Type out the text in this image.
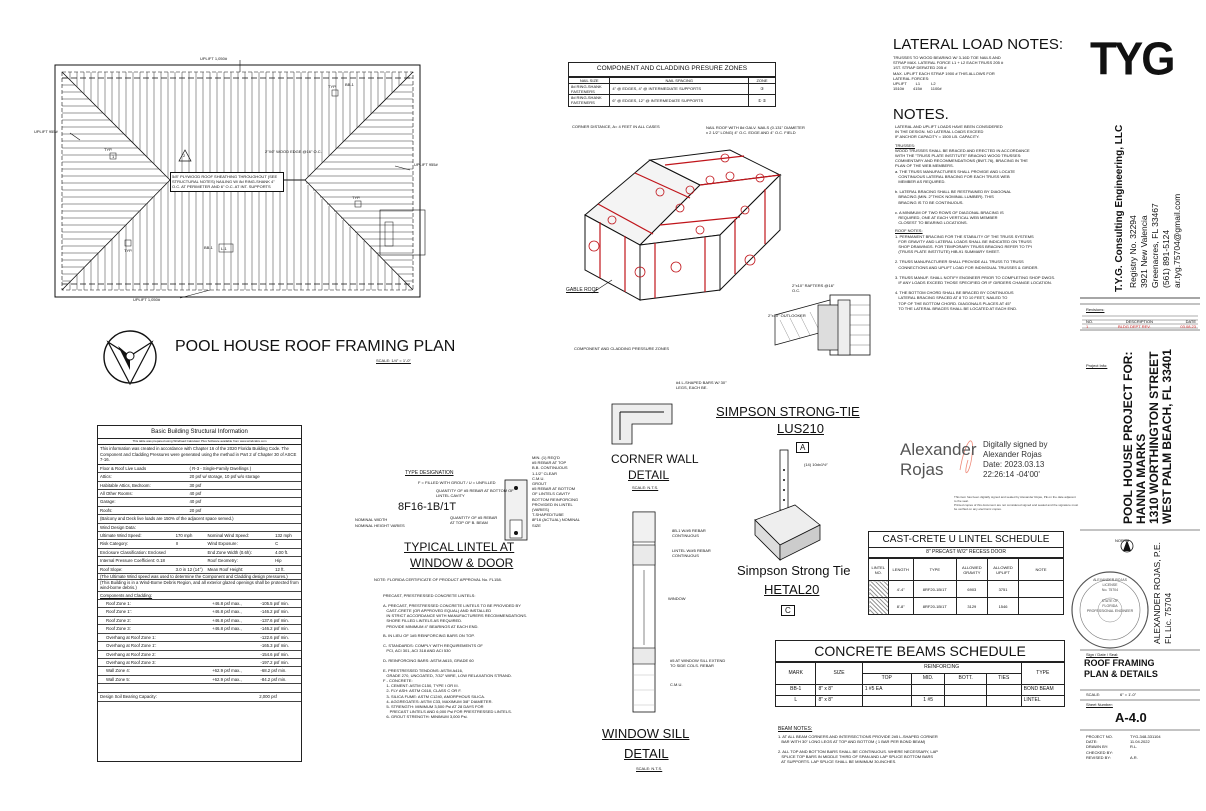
UPLIFT 1,050#
UPLIFT 955#
UPLIFT 955#
UPLIFT 1,050#
BB-1
BB-1 L-1
2"X6" WOOD EDGE @16" O.C.
TYP.
TYP.
TYP.
TYP.
2
1
5/8" PLYWOOD ROOF SHEATHING THROUGHOUT (SEE STRUCTURAL NOTES) NAILING W/ 8d RING-SHANK 4" O.C. AT PERIMETER AND 6" O.C. AT INT. SUPPORTS
POOL HOUSE ROOF FRAMING PLAN
SCALE: 1/4" = 1'-0"
COMPONENT AND CLADDING PRESURE ZONES
NAIL SIZE	NAIL SPACING	ZONE
8d RING-SHANK FASTENERS	4" @ EDGES, 4" @ INTERMEDIATE SUPPORTS	③
8d RING-SHANK FASTENERS	6" @ EDGES, 12" @ INTERMEDIATE SUPPORTS	① ②
CORNER DISTANCE, A= 4 FEET IN ALL CASES	NAIL ROOF WITH 8d GALV. NAILS (0.131" DIAMETER x 2 1/2" LONG) 4" O.C. EDGE AND 4" O.C. FIELD
GABLE ROOF
COMPONENT AND CLADDING PRESSURE ZONES
LATERAL LOAD NOTES:
TRUSSES TO WOOD BEARING W/ 3-16D TOE NAILS AND
STRAP MAX. LATERAL FORCE L1 + L2 EACH TRUSS 205 #
1ST. STRAP DERATED 205 #
MAX. UPLIFT EACH STRAP 1900 # THIS ALLOWS FOR
LATERAL FORCES:
UPLIFT        L1          L2
1510#        415#        1100#
NOTES.
LATERAL AND UPLIFT LOADS HAVE BEEN CONSIDERED
IN THE DESIGN. NO LATERAL LOADS EXCEED
IF ANCHOR CAPACITY = 1500 LB. CAPACITY.
TRUSSES:
WOOD TRUSSES SHALL BE BRACED AND ERECTED IN ACCORDANCE
WITH THE "TRUSS PLATE INSTITUTE" BRACING WOOD TRUSSES:
COMMENTARY AND RECOMMENDATIONS (BWT-76), BRACING IN THE
PLAN OF THE WEB MEMBERS.
a. THE TRUSS MANUFACTURES SHALL PROVIDE AND LOCATE
CONTINUOUS LATERAL BRACING FOR EACH TRUSS WEB
MEMBER AS REQUIRED.
b. LATERAL BRACING SHALL BE RESTRAINED BY DIAGONAL
BRACING (MIN. 2"THICK NOMINAL LUMBER). THIS
BRACING IS TO BE CONTINUOUS.
c. A MINIMUM OF TWO ROWS OF DIAGONAL BRACING IS
REQUIRED, ONE AT EACH VERTICAL WEB MEMBER
CLOSEST TO BEARING LOCATIONS.
ROOF NOTES:
1. PERMANENT BRACING FOR THE STABILITY OF THE TRUSS SYSTEMS
FOR GRAVITY AND LATERAL LOADS SHALL BE INDICATED ON TRUSS
SHOP DRAWINGS. FOR TEMPORARY TRUSS BRACING REFER TO TPI
(TRUSS PLATE INSTITUTE) HIB-91 SUMMARY SHEET.
2. TRUSS MANUFACTURER SHALL PROVIDE ALL TRUSS TO TRUSS
CONNECTIONS AND UPLIFT LOAD FOR INDIVIDUAL TRUSSES & GIRDER.
3. TRUSS MANUF. SHALL NOTIFY ENGINEER PRIOR TO COMPLETING SHOP DWGS.
IF ANY LOADS EXCEED THOSE SPECIFIED OR IF GIRDERS CHANGE LOCATION.
4. THE BOTTOM CHORD SHALL BE BRACED BY CONTINUOUS
LATERAL BRACING SPACED AT 8 TO 10 FEET, NAILED TO
TOP OF THE BOTTOM CHORD. DIAGONALS PLACES AT 45°
TO THE LATERAL BRACES SHALL BE LOCATED AT EACH END.
2"x10" RAFTERS @16" O.C.
2"x10" OUTLOOKER
SIMPSON STRONG-TIE
LUS210
A
#4 L-SHAPED BARS W/ 30" LEGS, EACH BE.
CORNER WALL
DETAIL
SCALE: N.T.S.
TYPE DESIGNATION
F = FILLED WITH GROUT / U = UNFILLED
QUANTITY OF #5 REBAR AT BOTTOM OF LINTEL CAVITY
8F16-1B/1T
QUANTITY OF #5 REBAR AT TOP OF B. BEAM
NOMINAL WIDTH
NOMINAL HEIGHT VARIES
TYPICAL LINTEL AT
WINDOW & DOOR
NOTE: FLORIDA CERTIFICATE OF PRODUCT APPROVAL No. FL158.
MIN. (1) REQ'D
#5 REBAR AT TOP
B.B. CONTINUOUS
1-1/2" CLEAR
C.M.U.
GROUT
#5 REBAR AT BOTTOM
OF LINTELS CAVITY
BOTTOM REINFORCING
PROVIDED IN LINTEL
(VARIES)
T-SHAPED/TUBE
8F16 (ACTUAL) NOMINAL SIZE
PRECAST, PRESTRESSED CONCRETE LINTELS:
A- PRECAST, PRESTRESSED CONCRETE LINTELS TO BE PROVIDED BY
CAST-CRETE (OR APPROVED EQUAL) AND INSTALLED
IN STRICT ACCORDANCE WITH MANUFACTURERS RECOMMENDATIONS.
SHORE FILLED LINTELS AS REQUIRED.
PROVIDE MINIMUM 4" BEARINGS AT EACH END.
B- IN LIEU OF 1#5 REINFORCING BARS ON TOP.
C- STANDARDS: COMPLY WITH REQUIREMENTS OF
PCI, ACI 301, ACI 318 AND ACI 530
D- REINFORCING BARS: ASTM A615, GRADE 60
E- PRESTRESSED TENDONS: ASTM A416,
GRADE 270, UNCOATED, 7/32" WIRE, LOW RELAXATION STRAND.
F - CONCRETE:
1- CEMENT: ASTM C150, TYPE I OR III.
2- FLY ASH: ASTM C618, CLASS C OR F.
3- SILICA FUME: ASTM C1240, AMORPHOUS SILICA.
4- AGGREGATES: ASTM C33, MAXIMUM 3/8" DIAMETER.
5- STRENGTH: MINIMUM 3,500 Psi AT 28 DAYS FOR
PRECAST LINTELS AND 6,000 Psi FOR PRESTRESSED LINTELS.
6- GROUT STRENGTH: MINIMUM 3,000 Psi.
8B-1 W/#5 REBAR CONTINUOUS
LINTEL W/#5 REBAR CONTINUOUS
WINDOW
#5 AT WINDOW SILL EXTEND TO SIDE COLS. REBAR
C.M.U.
WINDOW SILL
DETAIL
SCALE: N.T.S.
(14) 10dx1½"
Simpson Strong Tie
HETAL20
C
Alexander
Rojas
Digitally signed by
Alexander Rojas
Date: 2023.03.13
22:26:14 -04'00'
This item has been digitally signed and sealed by Alexander Rojas, PE on the date adjacent to the seal.
Printed copies of this document are not considered signed and sealed and the signature must be verified on any electronic copies.
CAST-CRETE U LINTEL SCHEDULE
8" PRECAST W/2" RECESS DOOR
LINTEL NO.	LENGTH	TYPE	ALLOWED GRAVITY	ALLOWED UPLIFT	NOTE
	4'-4"	8RF20-1B/1T	6903	3751	
	8'-8"	8RF20-1B/1T	3129	1546	
CONCRETE BEAMS SCHEDULE
MARK	SIZE	REINFORCING				TYPE
		TOP	MID.	BOTT.	TIES	
BB-1	8" x 8"	1 #5 EA				BOND BEAM
L	8" x 8"		1 #5			LINTEL
BEAM NOTES:
1. AT ALL BEAM CORNERS AND INTERSECTIONS PROVIDE 2#5 L-SHAPED CORNER
BAR WITH 30" LONG LEGS AT TOP AND BOTTOM ( 1 BAR PER BOND BEAM)
2. ALL TOP AND BOTTOM BARS SHALL BE CONTINUOUS. WHERE NECESSARY, LAP
SPLICE TOP BARS IN MIDDLE THIRD OF SPAN AND LAP SPLICE BOTTOM BARS
AT SUPPORTS. LAP SPLICE SHALL BE MINIMUM 30-INCHES.
Basic Building Structural Information
This table was prepared using Windload Calculator Plus Software available from www.windcalcs.com
This information was created in accordance with Chapter 16 of the 2020 Florida Building Code. The Component and Cladding Pressures were generated using the method in Part 2 of Chapter 30 of ASCE 7-16.
Floor & Roof Live Loads	( R-3 - Single-Family Dwellings )
Attics:	20 psf w/ storage, 10 psf w/o storage
Habitable Attics, Bedroom:	30 psf
All Other Rooms:	40 psf
Garage:	40 psf
Roofs:	20 psf
(Balcony and Deck live loads are 150% of the adjacent space served.)
Wind Design Data:
Ultimate Wind Speed:	170 mph	Nominal Wind Speed:	132 mph
Risk Category:	II	Wind Exposure:	C
Enclosure Classification: Enclosed	End Zone Width (0.6h):	4.00 ft.
Internal Pressure Coefficient: 0.18	Roof Geometry:	Hip
Roof Slope:	3.0 in 12 (14°)	Mean Roof Height:	12 ft.
(The Ultimate Wind speed was used to determine the Component and Cladding design pressures.)
(This Building is in a Wind-Borne Debris Region, and all exterior glazed openings shall be protected from wind-borne debris.)
Components and Cladding:
Roof Zone 1:	+46.8 psf max.,	-105.5 psf min.
Roof Zone 1':	+46.8 psf max.,	-146.2 psf min.
Roof Zone 2:	+46.8 psf max.,	-137.6 psf min.
Roof Zone 3:	+46.8 psf max.,	-146.2 psf min.
Overhang at Roof Zone 1:	-122.6 psf min.
Overhang at Roof Zone 1':	-165.3 psf min.
Overhang at Roof Zone 2:	-154.6 psf min.
Overhang at Roof Zone 3:	-197.2 psf min.
Wall Zone 4:	+62.9 psf max.,	-68.2 psf min.
Wall Zone 5:	+62.9 psf max.,	-84.2 psf min.
Design Soil Bearing Capacity:	2,000 psf
TYG
T.Y.G. Consulting Engineering, LLC Registry No. 32294 3921 New Valencia Greenacres, FL 33467 (561) 891-5124 ar.tyg.75704@gmail.com
Revisions:
NO.	DESCRIPTION	DATE
1	BLDG DEPT REV.	03.08.23
Project Info: POOL HOUSE PROJECT FOR: HANNA MARKS 1310 WORTHINGTON STREET WEST PALM BEACH, FL 33401
NORTH
ALEXANDER ROJAS, P.E. FL Lic. 75704
ALEXANDER ROJAS
LICENSE
No. 75704
STATE OF
FLORIDA
PROFESSIONAL ENGINEER
Sign / Date / Seal:
ROOF FRAMING
PLAN & DETAILS
SCALE:	6" = 1'-0"
Sheet Number:
A-4.0
PROJECT NO.	TYG-348-331104
DATE:	11.04.2022
DRAWN BY:	R.L.
CHECKED BY:
REVISED BY:	A.R.
